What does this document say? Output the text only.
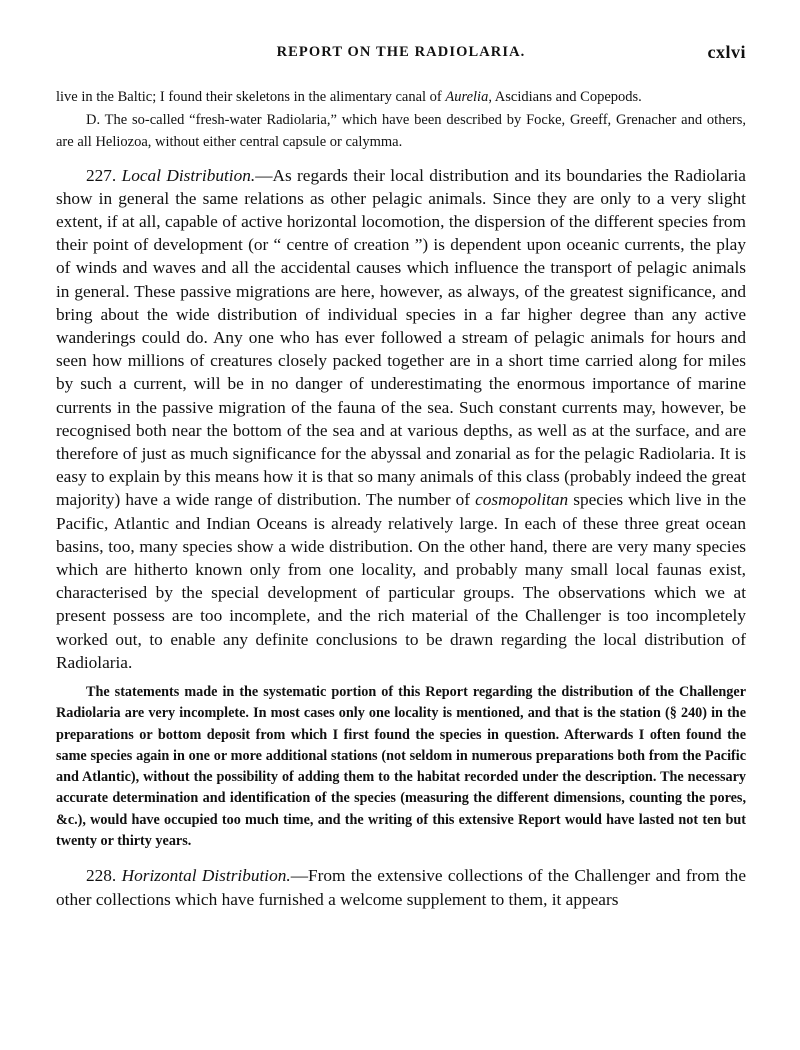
REPORT ON THE RADIOLARIA.	cxlvi

live in the Baltic; I found their skeletons in the alimentary canal of Aurelia, Ascidians and Copepods.

D. The so-called “fresh-water Radiolaria,” which have been described by Focke, Greeff, Grenacher and others, are all Heliozoa, without either central capsule or calymma.

227. Local Distribution.—As regards their local distribution and its boundaries the Radiolaria show in general the same relations as other pelagic animals. Since they are only to a very slight extent, if at all, capable of active horizontal locomotion, the dispersion of the different species from their point of development (or “ centre of creation ”) is dependent upon oceanic currents, the play of winds and waves and all the accidental causes which influence the transport of pelagic animals in general. These passive migrations are here, however, as always, of the greatest significance, and bring about the wide distribution of individual species in a far higher degree than any active wanderings could do. Any one who has ever followed a stream of pelagic animals for hours and seen how millions of creatures closely packed together are in a short time carried along for miles by such a current, will be in no danger of underestimating the enormous importance of marine currents in the passive migration of the fauna of the sea. Such constant currents may, however, be recognised both near the bottom of the sea and at various depths, as well as at the surface, and are therefore of just as much significance for the abyssal and zonarial as for the pelagic Radiolaria. It is easy to explain by this means how it is that so many animals of this class (probably indeed the great majority) have a wide range of distribution. The number of cosmopolitan species which live in the Pacific, Atlantic and Indian Oceans is already relatively large. In each of these three great ocean basins, too, many species show a wide distribution. On the other hand, there are very many species which are hitherto known only from one locality, and probably many small local faunas exist, characterised by the special development of particular groups. The observations which we at present possess are too incomplete, and the rich material of the Challenger is too incompletely worked out, to enable any definite conclusions to be drawn regarding the local distribution of Radiolaria.

The statements made in the systematic portion of this Report regarding the distribution of the Challenger Radiolaria are very incomplete. In most cases only one locality is mentioned, and that is the station (§ 240) in the preparations or bottom deposit from which I first found the species in question. Afterwards I often found the same species again in one or more additional stations (not seldom in numerous preparations both from the Pacific and Atlantic), without the possibility of adding them to the habitat recorded under the description. The necessary accurate determination and identification of the species (measuring the different dimensions, counting the pores, &c.), would have occupied too much time, and the writing of this extensive Report would have lasted not ten but twenty or thirty years.

228. Horizontal Distribution.—From the extensive collections of the Challenger and from the other collections which have furnished a welcome supplement to them, it appears
